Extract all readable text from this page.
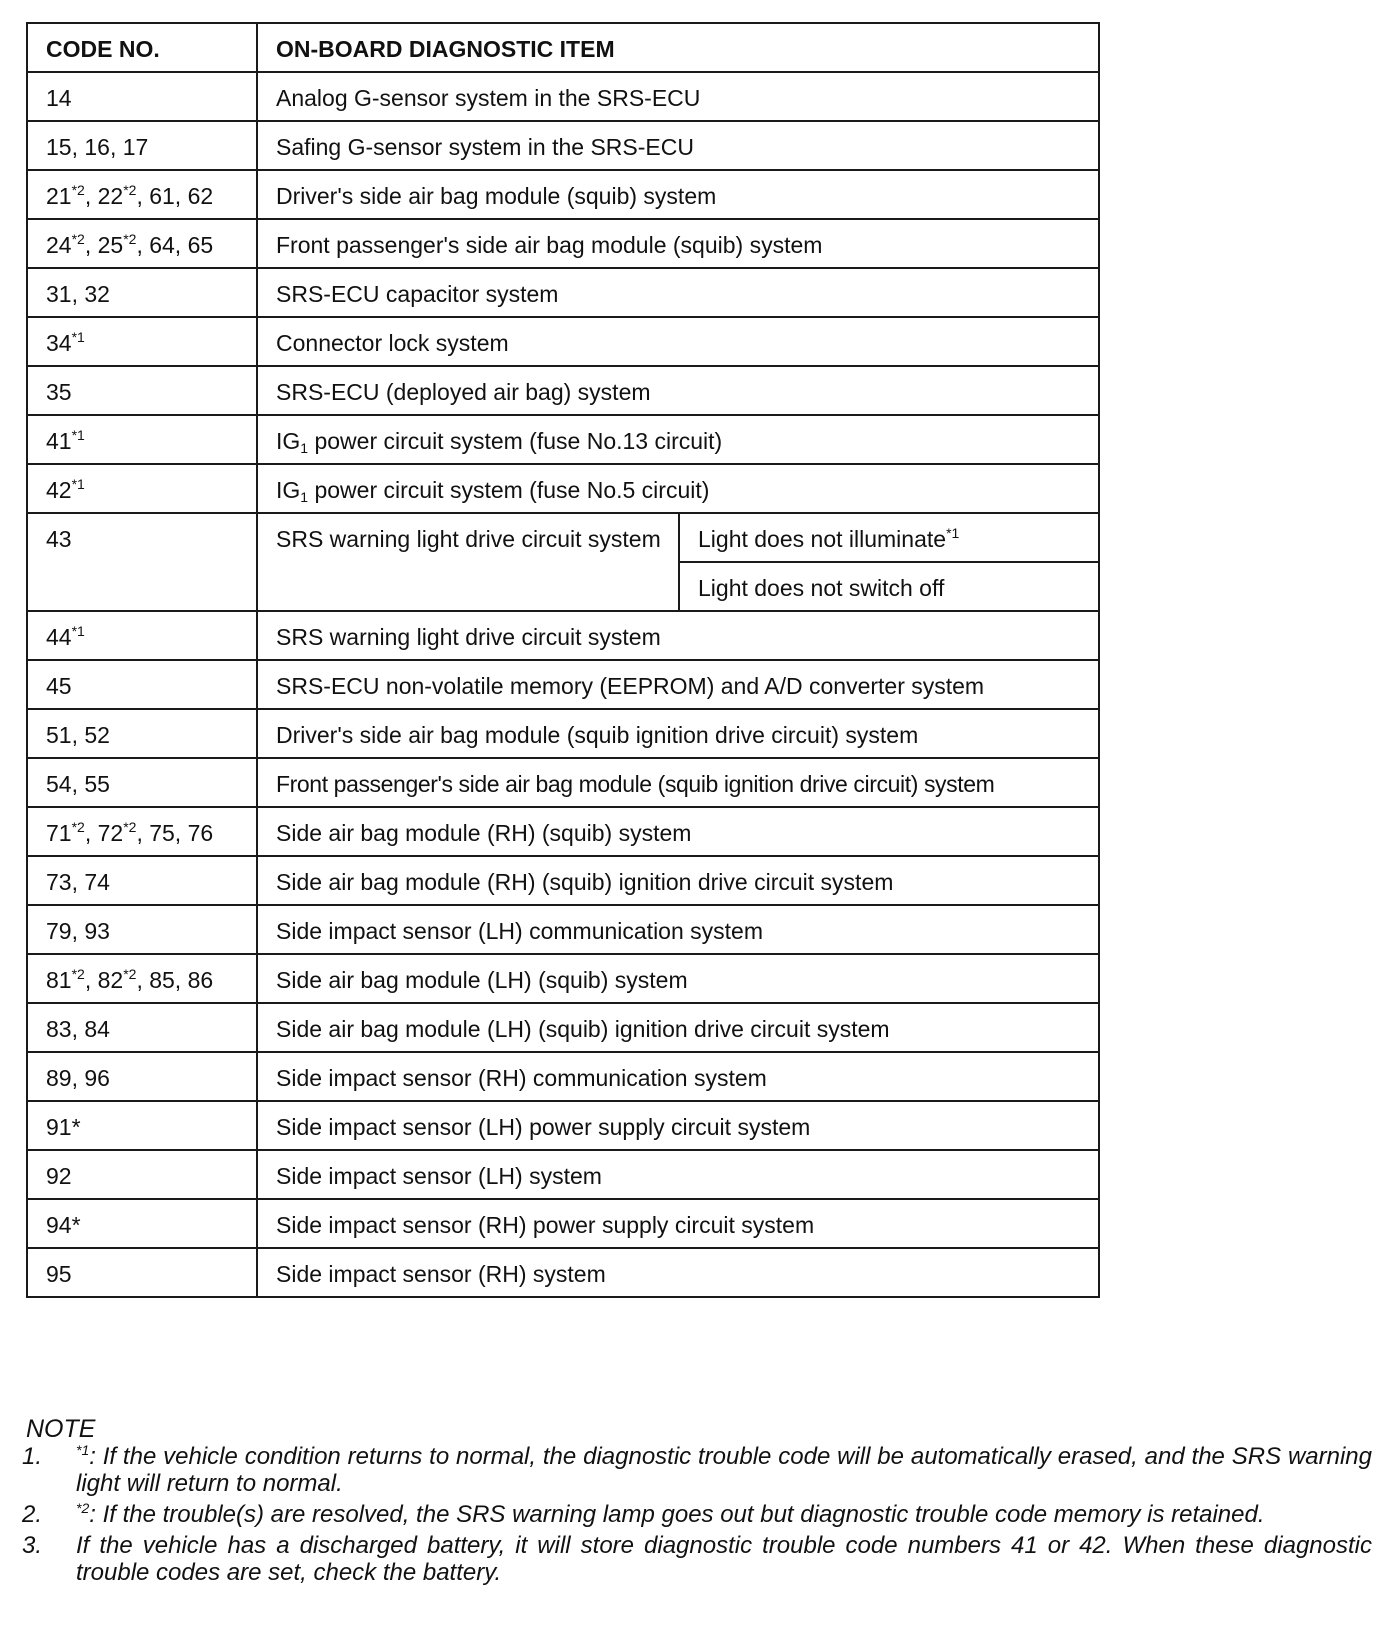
CODE NO.	ON-BOARD DIAGNOSTIC ITEM	
14	Analog G-sensor system in the SRS-ECU	
15, 16, 17	Safing G-sensor system in the SRS-ECU	
21$^{*2}$, 22$^{*2}$, 61, 62	Driver's side air bag module (squib) system	
24$^{*2}$, 25$^{*2}$, 64, 65	Front passenger's side air bag module (squib) system	
31, 32	SRS-ECU capacitor system	
34$^{*1}$	Connector lock system	
35	SRS-ECU (deployed air bag) system	
41$^{*1}$	$IG_1$ power circuit system (fuse No.13 circuit)	
42$^{*1}$	$IG_1$ power circuit system (fuse No.5 circuit)	
43	SRS warning light drive circuit system	Light does not illuminate$^{*1}$
		Light does not switch off
44$^{*1}$	SRS warning light drive circuit system	
45	SRS-ECU non-volatile memory (EEPROM) and A/D converter system	
51, 52	Driver's side air bag module (squib ignition drive circuit) system	
54, 55	Front passenger's side air bag module (squib ignition drive circuit) system	
71$^{*2}$, 72$^{*2}$, 75, 76	Side air bag module (RH) (squib) system	
73, 74	Side air bag module (RH) (squib) ignition drive circuit system	
79, 93	Side impact sensor (LH) communication system	
81$^{*2}$, 82$^{*2}$, 85, 86	Side air bag module (LH) (squib) system	
83, 84	Side air bag module (LH) (squib) ignition drive circuit system	
89, 96	Side impact sensor (RH) communication system	
91*	Side impact sensor (LH) power supply circuit system	
92	Side impact sensor (LH) system	
94*	Side impact sensor (RH) power supply circuit system	
95	Side impact sensor (RH) system	
NOTE
1. $^{*1}$: If the vehicle condition returns to normal, the diagnostic trouble code will be automatically erased, and the SRS warning light will return to normal.
2. $^{*2}$: If the trouble(s) are resolved, the SRS warning lamp goes out but diagnostic trouble code memory is retained.
3. If the vehicle has a discharged battery, it will store diagnostic trouble code numbers 41 or 42. When these diagnostic trouble codes are set, check the battery.
